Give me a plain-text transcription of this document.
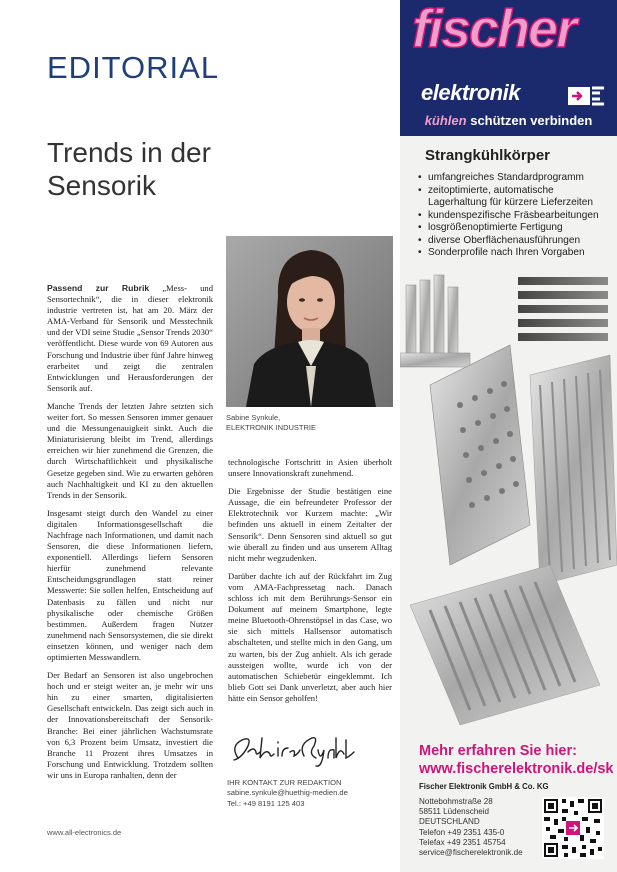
EDITORIAL
Trends in der Sensorik

Passend zur Rubrik „Mess- und Sensortechnik“, die in dieser elektronik industrie vertreten ist, hat am 20. März der AMA-Verband für Sensorik und Messtechnik und der VDI seine Studie „Sensor Trends 2030“ veröffentlicht. Diese wurde von 69 Autoren aus Forschung und Industrie über fünf Jahre hinweg erarbeitet und zeigt die zentralen Entwicklungen und Herausforderungen der Sensorik auf.

Manche Trends der letzten Jahre setzten sich weiter fort. So messen Sensoren immer genauer und die Messungenauigkeit sinkt. Auch die Miniaturisierung bleibt im Trend, allerdings erreichen wir hier zunehmend die Grenzen, die durch Wirtschaftlichkeit und physikalische Gesetze gegeben sind. Wie zu erwarten gehören auch Nachhaltigkeit und KI zu den aktuellen Trends in der Sensorik.

Insgesamt steigt durch den Wandel zu einer digitalen Informationsgesellschaft die Nachfrage nach Informationen, und damit nach Sensoren, die diese Informationen liefern, exponentiell. Allerdings liefern Sensoren hierfür zunehmend relevante Entscheidungsgrundlagen statt reiner Messwerte: Sie sollen helfen, Entscheidung auf Datenbasis zu fällen und nicht nur physikalische oder chemische Größen bestimmen. Außerdem fragen Nutzer zunehmend nach Sensorsystemen, die sie direkt einsetzen können, und weniger nach dem optimierten Messwandlern.

Der Bedarf an Sensoren ist also ungebrochen hoch und er steigt weiter an, je mehr wir uns hin zu einer smarten, digitalisierten Gesellschaft entwickeln. Das zeigt sich auch in der Innovationsbereitschaft der Sensorik-Branche: Bei einer jährlichen Wachstumsrate von 6,3 Prozent beim Umsatz, investiert die Branche 11 Prozent ihres Umsatzes in Forschung und Entwicklung. Trotzdem sollten wir uns in Europa ranhalten, denn der

Sabine Synkule,
ELEKTRONIK INDUSTRIE

technologische Fortschritt in Asien überholt unsere Innovationskraft zunehmend.

Die Ergebnisse der Studie bestätigen eine Aussage, die ein befreundeter Professor der Elektrotechnik vor Kurzem machte: „Wir befinden uns aktuell in einem Zeitalter der Sensorik“. Denn Sensoren sind aktuell so gut wie überall zu finden und aus unserem Alltag nicht mehr wegzudenken.

Darüber dachte ich auf der Rückfahrt im Zug vom AMA-Fachpressetag nach. Danach schloss ich mit dem Berührungs-Sensor ein Dokument auf meinem Smartphone, legte meine Bluetooth-Ohrenstöpsel in das Case, wo sie sich mittels Hallsensor automatisch abschalteten, und stellte mich in den Gang, um zu warten, bis der Zug anhielt. Als ich gerade aussteigen wollte, wurde ich von der automatischen Schiebetür eingeklemmt. Ich blieb Gott sei Dank unverletzt, aber auch hier hätte ein Sensor geholfen!

IHR KONTAKT ZUR REDAKTION
sabine.synkule@huethig-medien.de
Tel.: +49 8191 125 403
www.all-electronics.de
fischer
elektronik
kühlen schützen verbinden
Strangkühlkörper
• umfangreiches Standardprogramm
• zeitoptimierte, automatische Lagerhaltung für kürzere Lieferzeiten
• kundenspezifische Fräsbearbeitungen
• losgrößenoptimierte Fertigung
• diverse Oberflächenausführungen
• Sonderprofile nach Ihren Vorgaben
Mehr erfahren Sie hier:
www.fischerelektronik.de/sk
Fischer Elektronik GmbH & Co. KG
Nottebohmstraße 28
58511 Lüdenscheid
DEUTSCHLAND
Telefon +49 2351 435-0
Telefax +49 2351 45754
service@fischerelektronik.de
